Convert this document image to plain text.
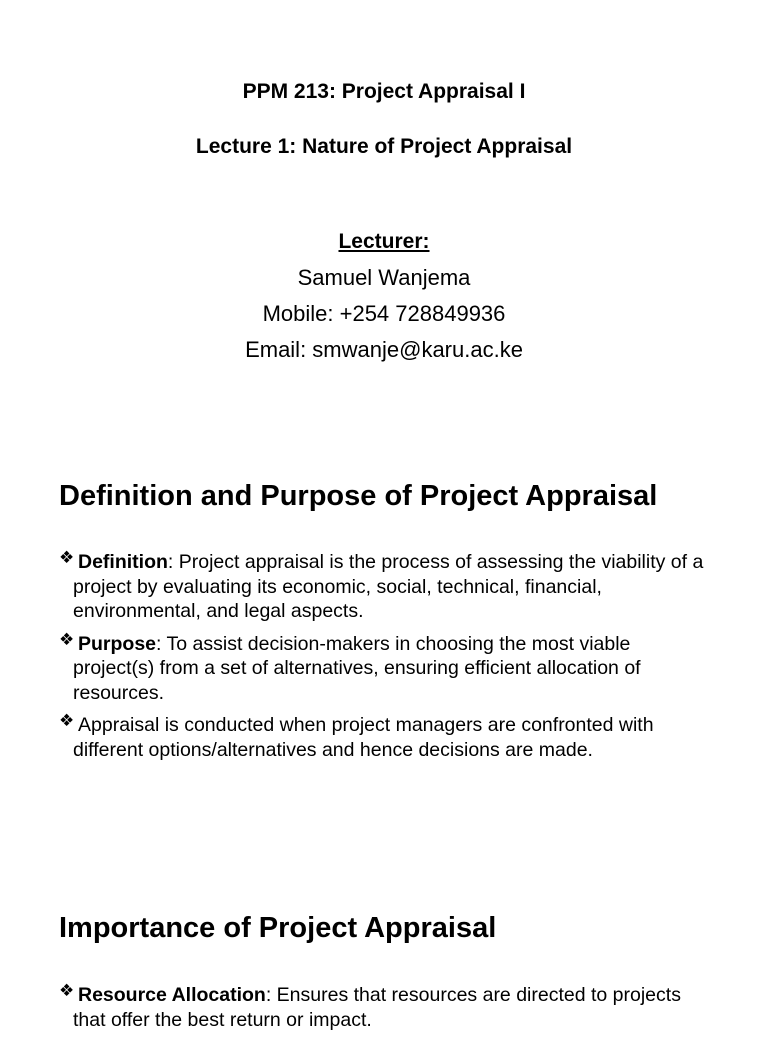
PPM 213: Project Appraisal I
Lecture 1: Nature of Project Appraisal
Lecturer:
Samuel Wanjema
Mobile: +254 728849936
Email: smwanje@karu.ac.ke
Definition and Purpose of Project Appraisal
❖ Definition: Project appraisal is the process of assessing the viability of a project by evaluating its economic, social, technical, financial, environmental, and legal aspects.
❖ Purpose: To assist decision-makers in choosing the most viable project(s) from a set of alternatives, ensuring efficient allocation of resources.
❖ Appraisal is conducted when project managers are confronted with different options/alternatives and hence decisions are made.
Importance of Project Appraisal
❖ Resource Allocation: Ensures that resources are directed to projects that offer the best return or impact.
